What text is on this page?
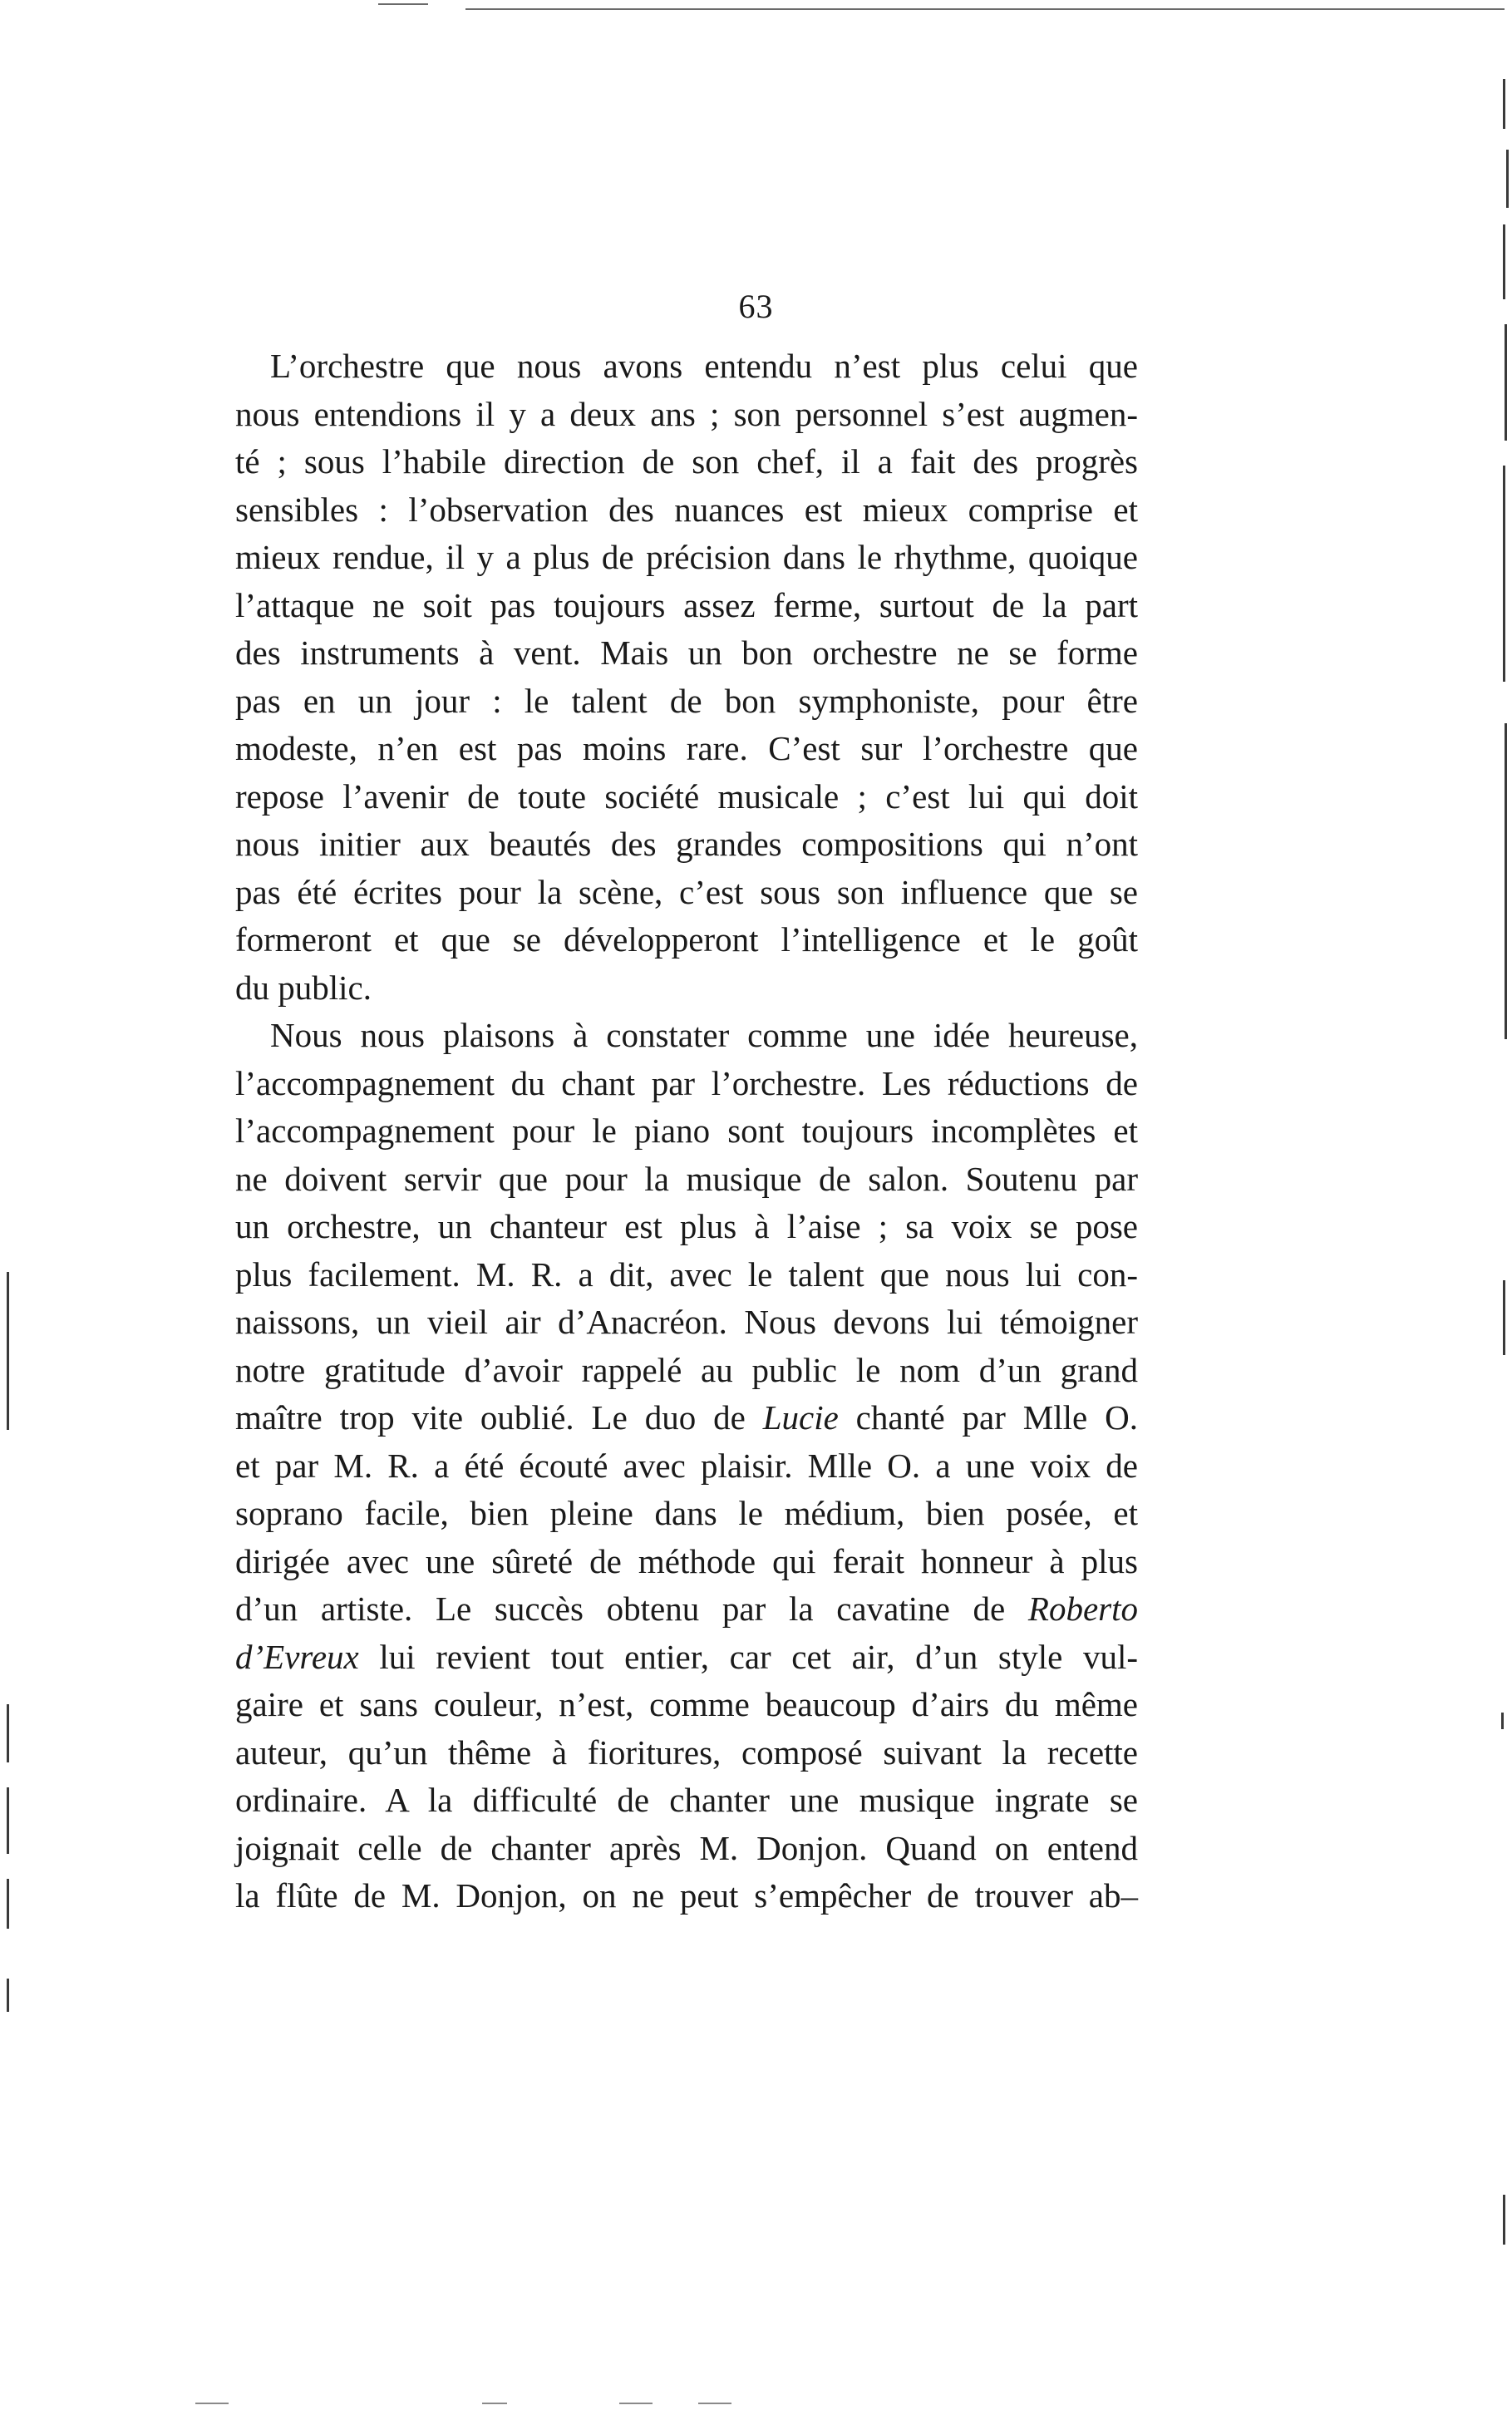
63
L’orchestre que nous avons entendu n’est plus celui que
nous entendions il y a deux ans ; son personnel s’est augmen-
té ; sous l’habile direction de son chef, il a fait des progrès
sensibles : l’observation des nuances est mieux comprise et
mieux rendue, il y a plus de précision dans le rhythme, quoique
l’attaque ne soit pas toujours assez ferme, surtout de la part
des instruments à vent. Mais un bon orchestre ne se forme
pas en un jour : le talent de bon symphoniste, pour être
modeste, n’en est pas moins rare. C’est sur l’orchestre que
repose l’avenir de toute société musicale ; c’est lui qui doit
nous initier aux beautés des grandes compositions qui n’ont
pas été écrites pour la scène, c’est sous son influence que se
formeront et que se développeront l’intelligence et le goût
du public.
Nous nous plaisons à constater comme une idée heureuse,
l’accompagnement du chant par l’orchestre. Les réductions de
l’accompagnement pour le piano sont toujours incomplètes et
ne doivent servir que pour la musique de salon. Soutenu par
un orchestre, un chanteur est plus à l’aise ; sa voix se pose
plus facilement. M. R. a dit, avec le talent que nous lui con-
naissons, un vieil air d’Anacréon. Nous devons lui témoigner
notre gratitude d’avoir rappelé au public le nom d’un grand
maître trop vite oublié. Le duo de Lucie chanté par Mlle O.
et par M. R. a été écouté avec plaisir. Mlle O. a une voix de
soprano facile, bien pleine dans le médium, bien posée, et
dirigée avec une sûreté de méthode qui ferait honneur à plus
d’un artiste. Le succès obtenu par la cavatine de Roberto
d’Evreux lui revient tout entier, car cet air, d’un style vul-
gaire et sans couleur, n’est, comme beaucoup d’airs du même
auteur, qu’un thême à fioritures, composé suivant la recette
ordinaire. A la difficulté de chanter une musique ingrate se
joignait celle de chanter après M. Donjon. Quand on entend
la flûte de M. Donjon, on ne peut s’empêcher de trouver ab–
